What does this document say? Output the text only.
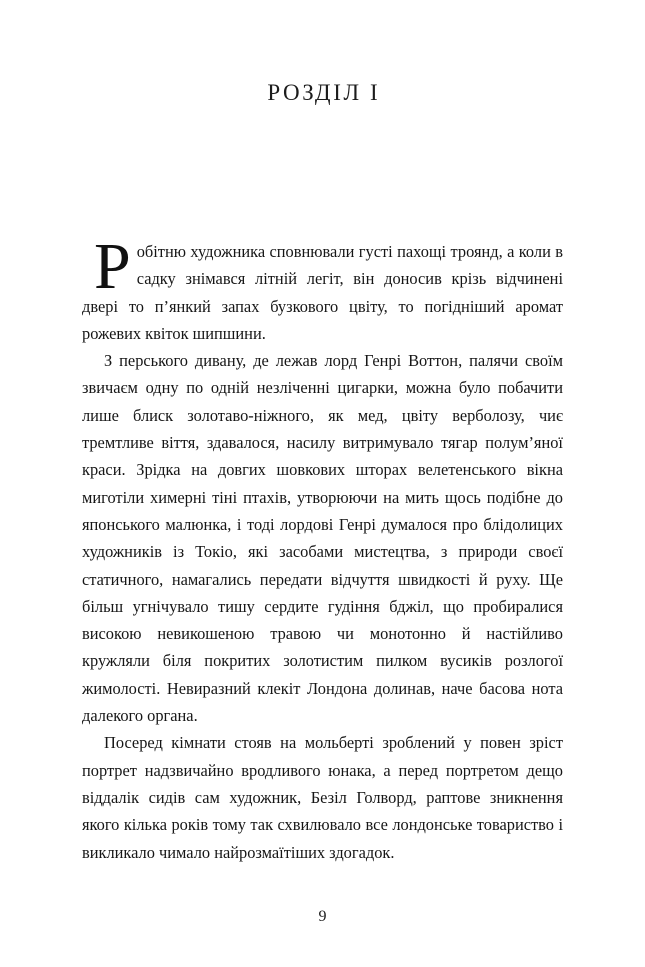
РОЗДІЛ І

Робітню художника сповнювали густі пахощі троянд, а коли в садку знімався літній легіт, він доносив крізь відчинені двері то п’янкий запах бузкового цвіту, то погідніший аромат рожевих квіток шипшини.

З перського дивану, де лежав лорд Генрі Воттон, палячи своїм звичаєм одну по одній незліченні цигарки, можна було побачити лише блиск золотаво-ніжного, як мед, цвіту верболозу, чиє тремтливе віття, здавалося, насилу витримувало тягар полум’яної краси. Зрідка на довгих шовкових шторах велетенського вікна миготіли химерні тіні птахів, утворюючи на мить щось подібне до японського малюнка, і тоді лордові Генрі думалося про блідолицих художників із Токіо, які засобами мистецтва, з природи своєї статичного, намагались передати відчуття швидкості й руху. Ще більш угнічувало тишу сердите гудіння бджіл, що пробиралися високою невикошеною травою чи монотонно й настійливо кружляли біля покритих золотистим пилком вусиків розлогої жимолості. Невиразний клекіт Лондона долинав, наче басова нота далекого органа.

Посеред кімнати стояв на мольберті зроблений у повен зріст портрет надзвичайно вродливого юнака, а перед портретом дещо віддалік сидів сам художник, Безіл Голворд, раптове зникнення якого кілька років тому так схвилювало все лондонське товариство і викликало чимало найрозмаїтіших здогадок.

9
